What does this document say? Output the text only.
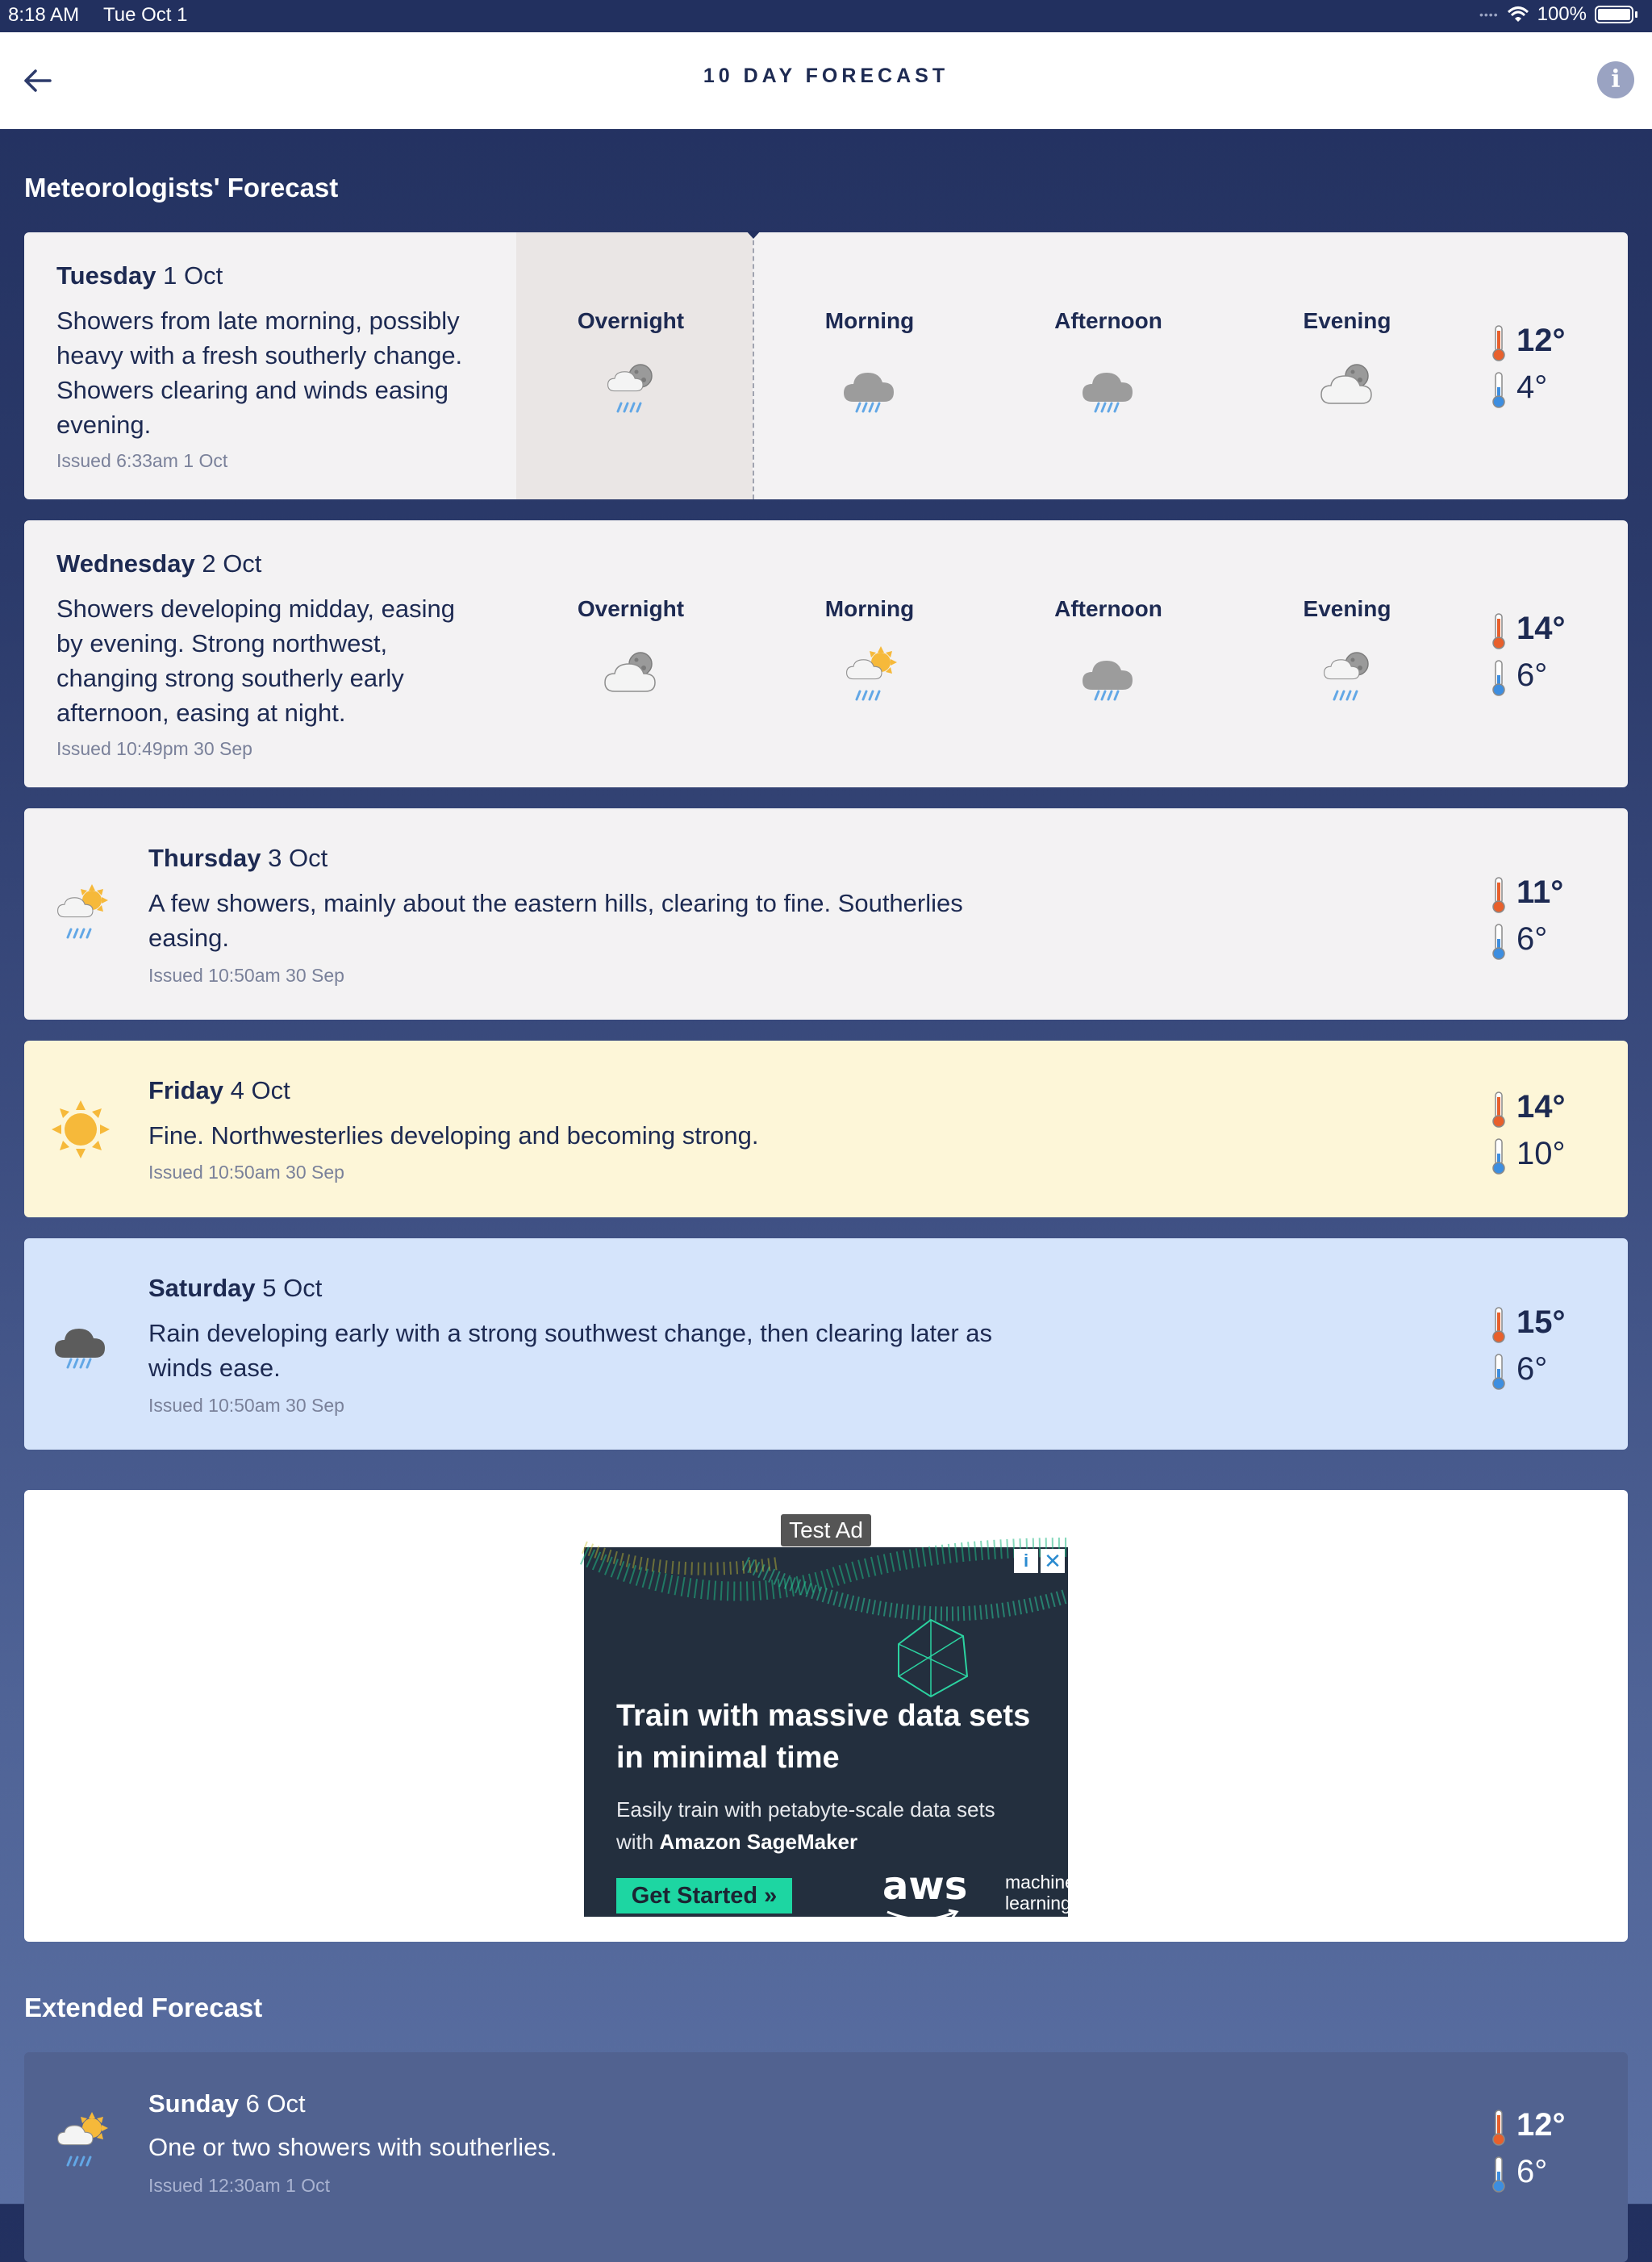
8:18 AM Tue Oct 1	•••• 100%
10 DAY FORECAST	i
Meteorologists' Forecast
Tuesday 1 Oct
Showers from late morning, possibly heavy with a fresh southerly change. Showers clearing and winds easing evening.
Issued 6:33am 1 Oct
Overnight	Morning	Afternoon	Evening
12°
4°
Wednesday 2 Oct
Showers developing midday, easing by evening. Strong northwest, changing strong southerly early afternoon, easing at night.
Issued 10:49pm 30 Sep
Overnight	Morning	Afternoon	Evening
14°
6°
Thursday 3 Oct
A few showers, mainly about the eastern hills, clearing to fine. Southerlies easing.
Issued 10:50am 30 Sep
11°
6°
Friday 4 Oct
Fine. Northwesterlies developing and becoming strong.
Issued 10:50am 30 Sep
14°
10°
Saturday 5 Oct
Rain developing early with a strong southwest change, then clearing later as winds ease.
Issued 10:50am 30 Sep
15°
6°
Test Ad
i ✕
Train with massive data sets in minimal time
Easily train with petabyte-scale data sets with Amazon SageMaker
Get Started »	aws machine
learning
Extended Forecast
Sunday 6 Oct
One or two showers with southerlies.
Issued 12:30am 1 Oct
12°
6°
